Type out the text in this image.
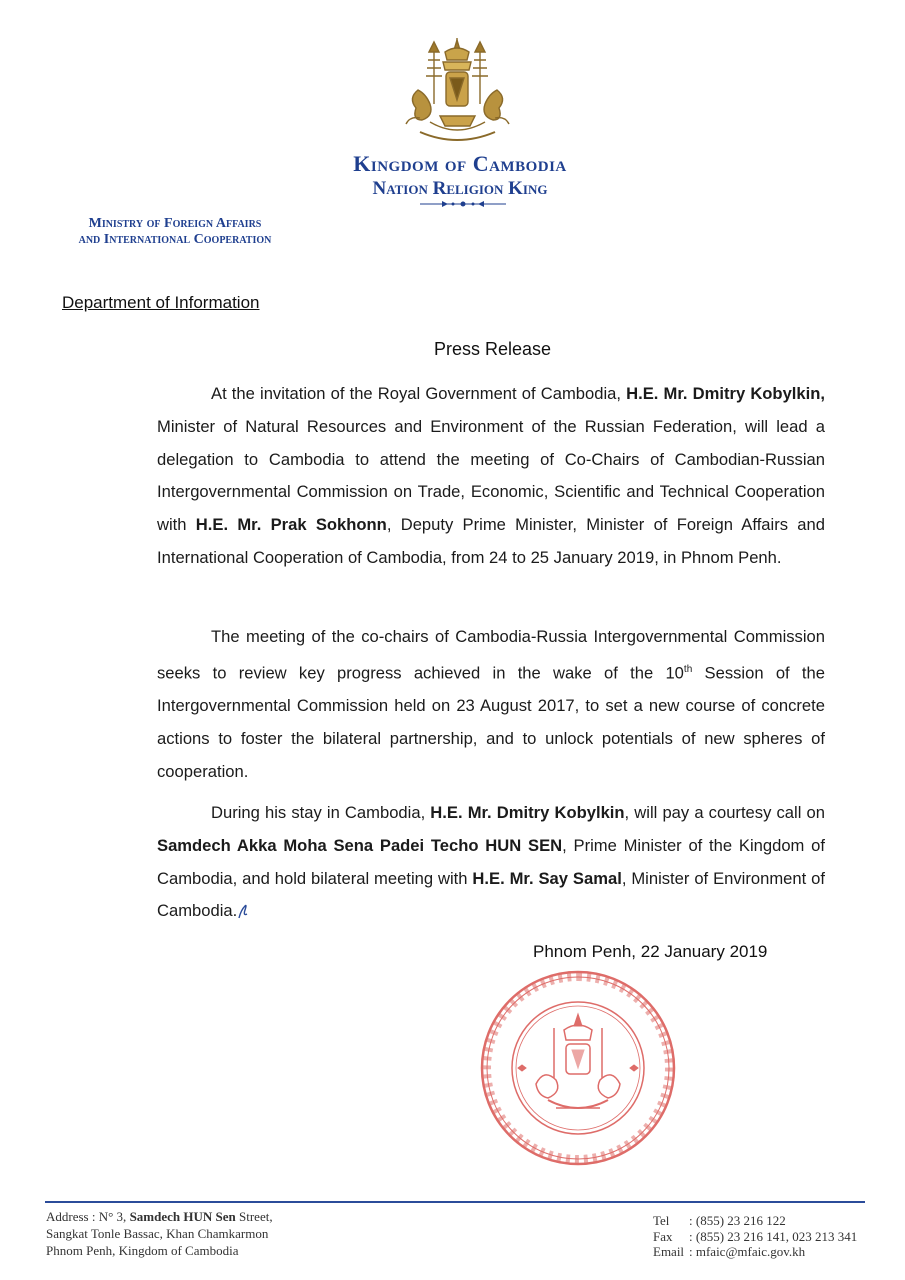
Kingdom of Cambodia
Nation Religion King
Ministry of Foreign Affairs
and International Cooperation
Department of Information
Press Release

At the invitation of the Royal Government of Cambodia, H.E. Mr. Dmitry Kobylkin, Minister of Natural Resources and Environment of the Russian Federation, will lead a delegation to Cambodia to attend the meeting of Co-Chairs of Cambodian-Russian Intergovernmental Commission on Trade, Economic, Scientific and Technical Cooperation with H.E. Mr. Prak Sokhonn, Deputy Prime Minister, Minister of Foreign Affairs and International Cooperation of Cambodia, from 24 to 25 January 2019, in Phnom Penh.

The meeting of the co-chairs of Cambodia-Russia Intergovernmental Commission seeks to review key progress achieved in the wake of the 10th Session of the Intergovernmental Commission held on 23 August 2017, to set a new course of concrete actions to foster the bilateral partnership, and to unlock potentials of new spheres of cooperation.

During his stay in Cambodia, H.E. Mr. Dmitry Kobylkin, will pay a courtesy call on Samdech Akka Moha Sena Padei Techo HUN SEN, Prime Minister of the Kingdom of Cambodia, and hold bilateral meeting with H.E. Mr. Say Samal, Minister of Environment of Cambodia.

Phnom Penh, 22 January 2019
Address : N° 3, Samdech HUN Sen Street,
Sangkat Tonle Bassac, Khan Chamkarmon
Phnom Penh, Kingdom of Cambodia
Tel : (855) 23 216 122
Fax : (855) 23 216 141, 023 213 341
Email : mfaic@mfaic.gov.kh
